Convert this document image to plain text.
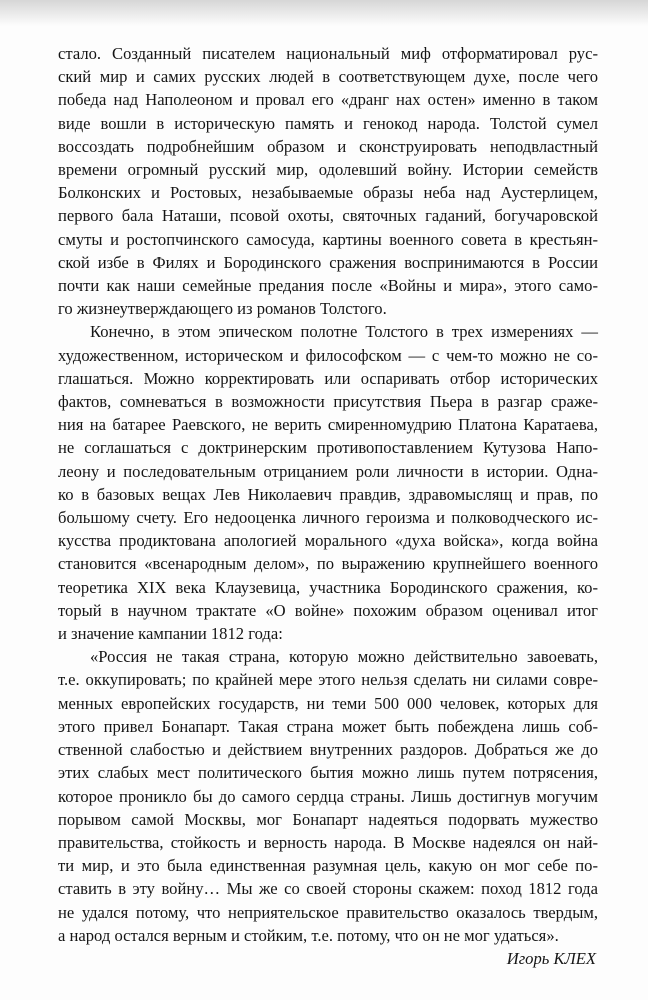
стало. Созданный писателем национальный миф отформатировал рус-
ский мир и самих русских людей в соответствующем духе, после чего
победа над Наполеоном и провал его «дранг нах остен» именно в таком
виде вошли в историческую память и генокод народа. Толстой сумел
воссоздать подробнейшим образом и сконструировать неподвластный
времени огромный русский мир, одолевший войну. Истории семейств
Болконских и Ростовых, незабываемые образы неба над Аустерлицем,
первого бала Наташи, псовой охоты, святочных гаданий, богучаровской
смуты и ростопчинского самосуда, картины военного совета в крестьян-
ской избе в Филях и Бородинского сражения воспринимаются в России
почти как наши семейные предания после «Войны и мира», этого само-
го жизнеутверждающего из романов Толстого.
Конечно, в этом эпическом полотне Толстого в трех измерениях —
художественном, историческом и философском — с чем-то можно не со-
глашаться. Можно корректировать или оспаривать отбор исторических
фактов, сомневаться в возможности присутствия Пьера в разгар сраже-
ния на батарее Раевского, не верить смиренномудрию Платона Каратаева,
не соглашаться с доктринерским противопоставлением Кутузова Напо-
леону и последовательным отрицанием роли личности в истории. Одна-
ко в базовых вещах Лев Николаевич правдив, здравомыслящ и прав, по
большому счету. Его недооценка личного героизма и полководческого ис-
кусства продиктована апологией морального «духа войска», когда война
становится «всенародным делом», по выражению крупнейшего военного
теоретика XIX века Клаузевица, участника Бородинского сражения, ко-
торый в научном трактате «О войне» похожим образом оценивал итог
и значение кампании 1812 года:
«Россия не такая страна, которую можно действительно завоевать,
т.е. оккупировать; по крайней мере этого нельзя сделать ни силами совре-
менных европейских государств, ни теми 500 000 человек, которых для
этого привел Бонапарт. Такая страна может быть побеждена лишь соб-
ственной слабостью и действием внутренних раздоров. Добраться же до
этих слабых мест политического бытия можно лишь путем потрясения,
которое проникло бы до самого сердца страны. Лишь достигнув могучим
порывом самой Москвы, мог Бонапарт надеяться подорвать мужество
правительства, стойкость и верность народа. В Москве надеялся он най-
ти мир, и это была единственная разумная цель, какую он мог себе по-
ставить в эту войну… Мы же со своей стороны скажем: поход 1812 года
не удался потому, что неприятельское правительство оказалось твердым,
а народ остался верным и стойким, т.е. потому, что он не мог удаться».

Игорь КЛЕХ
